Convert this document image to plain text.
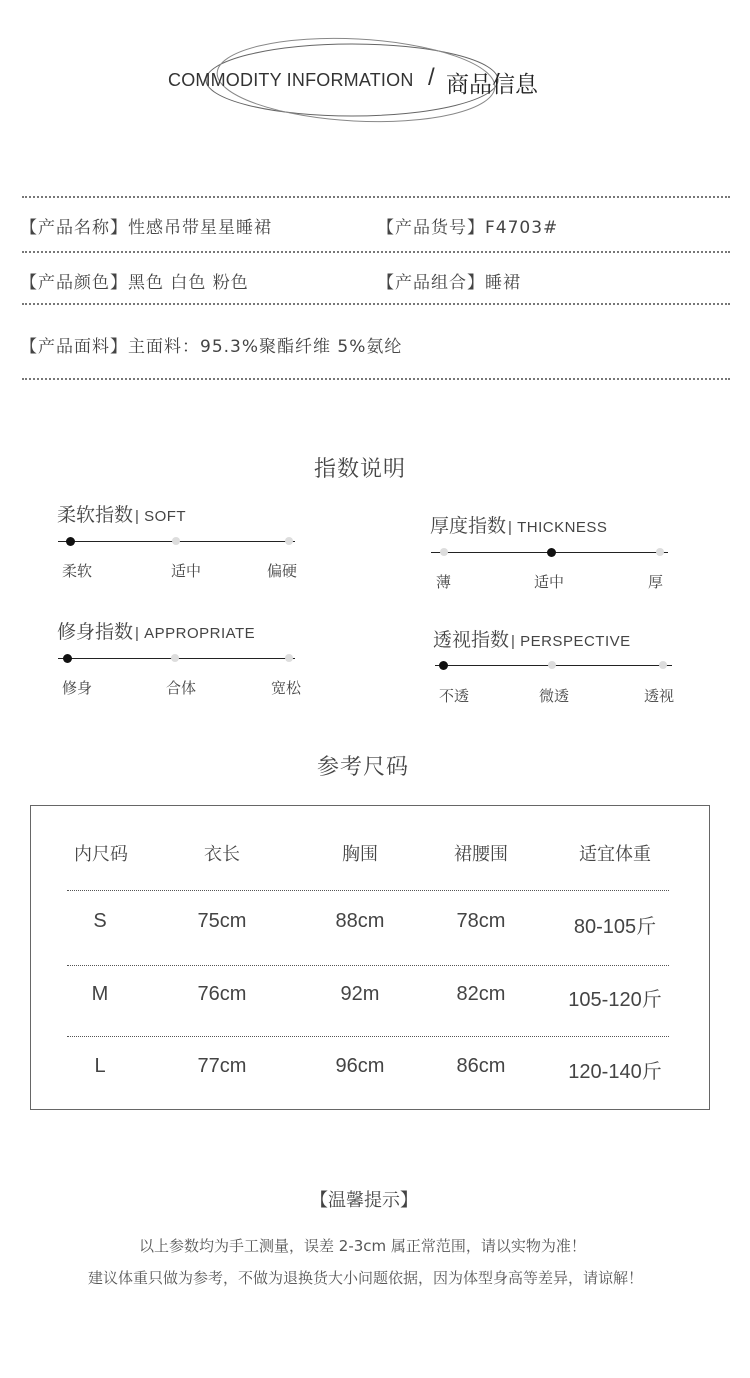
COMMODITY INFORMATION / 商品信息
【产品名称】性感吊带星星睡裙	【产品货号】F4703#
【产品颜色】黑色 白色 粉色	【产品组合】睡裙
【产品面料】主面料：95.3%聚酯纤维 5%氨纶
指数说明
柔软指数 | SOFT
柔软	适中	偏硬
厚度指数 | THICKNESS
薄	适中	厚
修身指数 | APPROPRIATE
修身	合体	宽松
透视指数 | PERSPECTIVE
不透	微透	透视
参考尺码
内尺码	衣长	胸围	裙腰围	适宜体重
S	75cm	88cm	78cm	80-105斤
M	76cm	92m	82cm	105-120斤
L	77cm	96cm	86cm	120-140斤
【温馨提示】
以上参数均为手工测量，误差 2-3cm 属正常范围，请以实物为准！
建议体重只做为参考，不做为退换货大小问题依据，因为体型身高等差异，请谅解！
